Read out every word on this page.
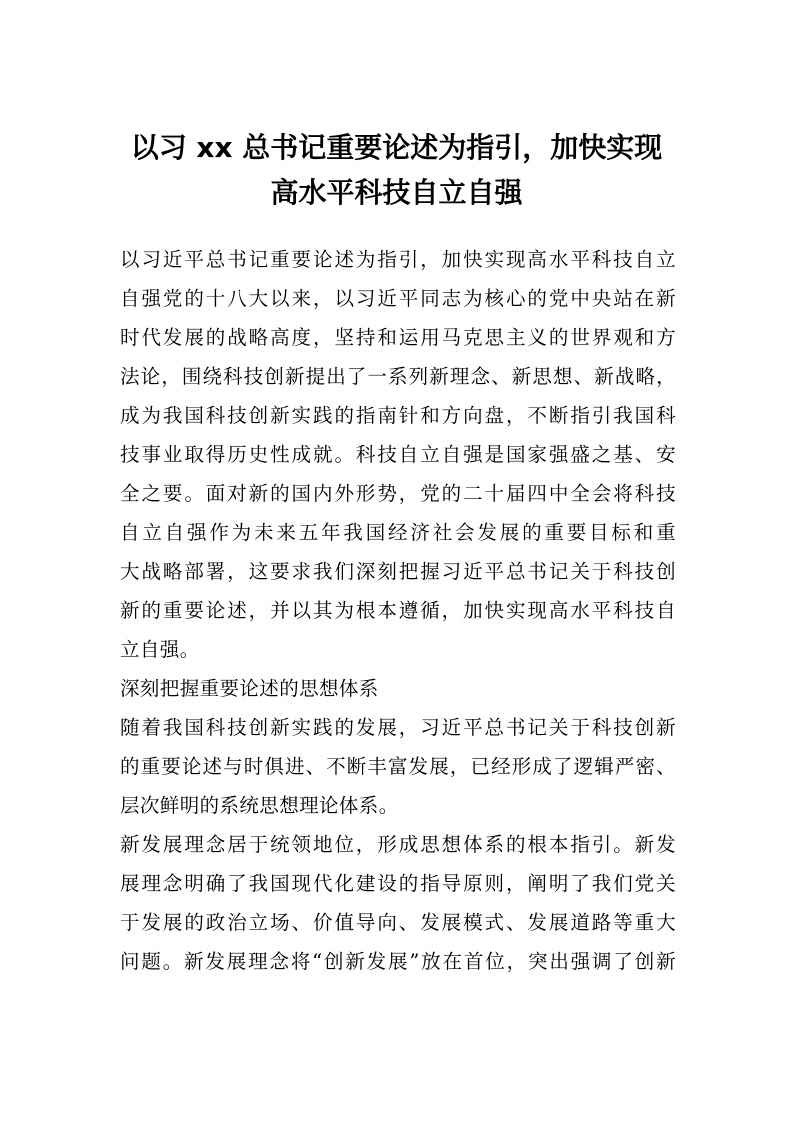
以习 xx 总书记重要论述为指引，加快实现
高水平科技自立自强
以习近平总书记重要论述为指引，加快实现高水平科技自立
自强党的十八大以来，以习近平同志为核心的党中央站在新
时代发展的战略高度，坚持和运用马克思主义的世界观和方
法论，围绕科技创新提出了一系列新理念、新思想、新战略，
成为我国科技创新实践的指南针和方向盘，不断指引我国科
技事业取得历史性成就。科技自立自强是国家强盛之基、安
全之要。面对新的国内外形势，党的二十届四中全会将科技
自立自强作为未来五年我国经济社会发展的重要目标和重
大战略部署，这要求我们深刻把握习近平总书记关于科技创
新的重要论述，并以其为根本遵循，加快实现高水平科技自
立自强。
深刻把握重要论述的思想体系
随着我国科技创新实践的发展，习近平总书记关于科技创新
的重要论述与时俱进、不断丰富发展，已经形成了逻辑严密、
层次鲜明的系统思想理论体系。
新发展理念居于统领地位，形成思想体系的根本指引。新发
展理念明确了我国现代化建设的指导原则，阐明了我们党关
于发展的政治立场、价值导向、发展模式、发展道路等重大
问题。新发展理念将“创新发展”放在首位，突出强调了创新
